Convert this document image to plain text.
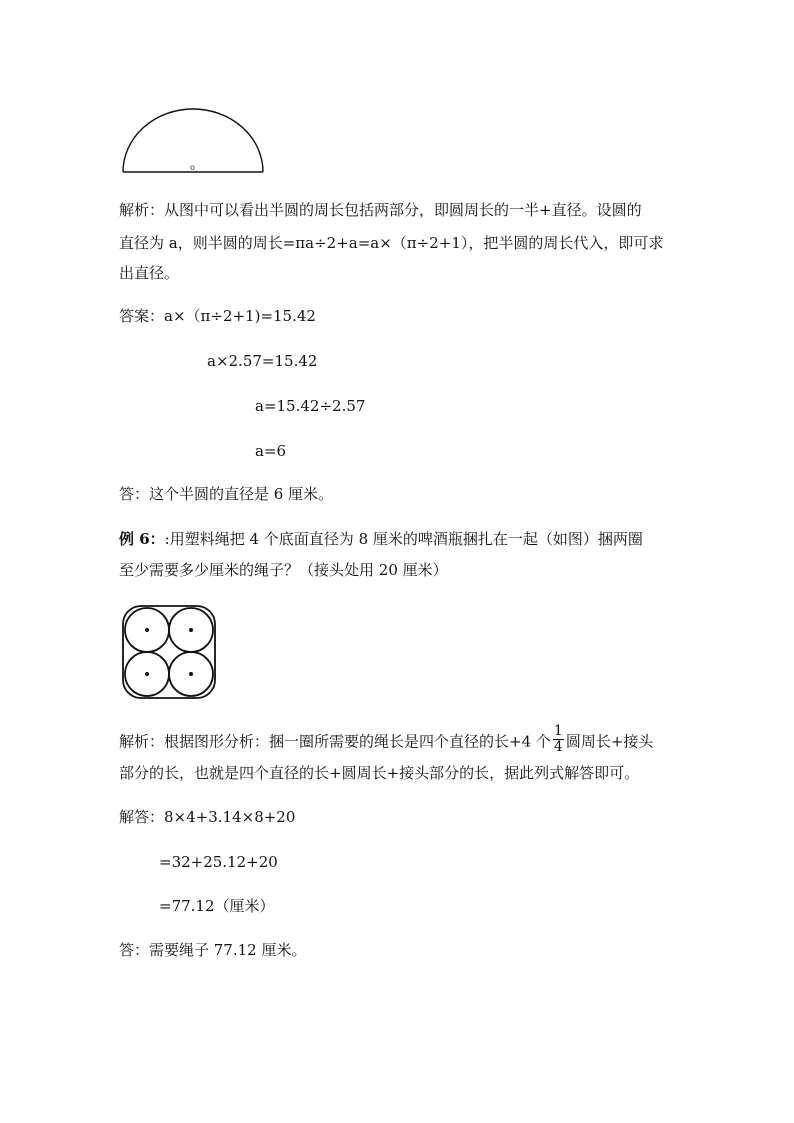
o
解析：从图中可以看出半圆的周长包括两部分，即圆周长的一半+直径。设圆的
直径为 a，则半圆的周长=πa÷2+a=a×（π÷2+1），把半圆的周长代入，即可求
出直径。
答案：a×（π÷2+1)=15.42
a×2.57=15.42
a=15.42÷2.57
a=6
答：这个半圆的直径是 6 厘米。
例 6：:用塑料绳把 4 个底面直径为 8 厘米的啤酒瓶捆扎在一起（如图）捆两圈
至少需要多少厘米的绳子？（接头处用 20 厘米）
解析：根据图形分析：捆一圈所需要的绳长是四个直径的长+4 个 $\frac{1}{4}$ 圆周长+接头
部分的长，也就是四个直径的长+圆周长+接头部分的长，据此列式解答即可。
解答：8×4+3.14×8+20
=32+25.12+20
=77.12（厘米）
答：需要绳子 77.12 厘米。
